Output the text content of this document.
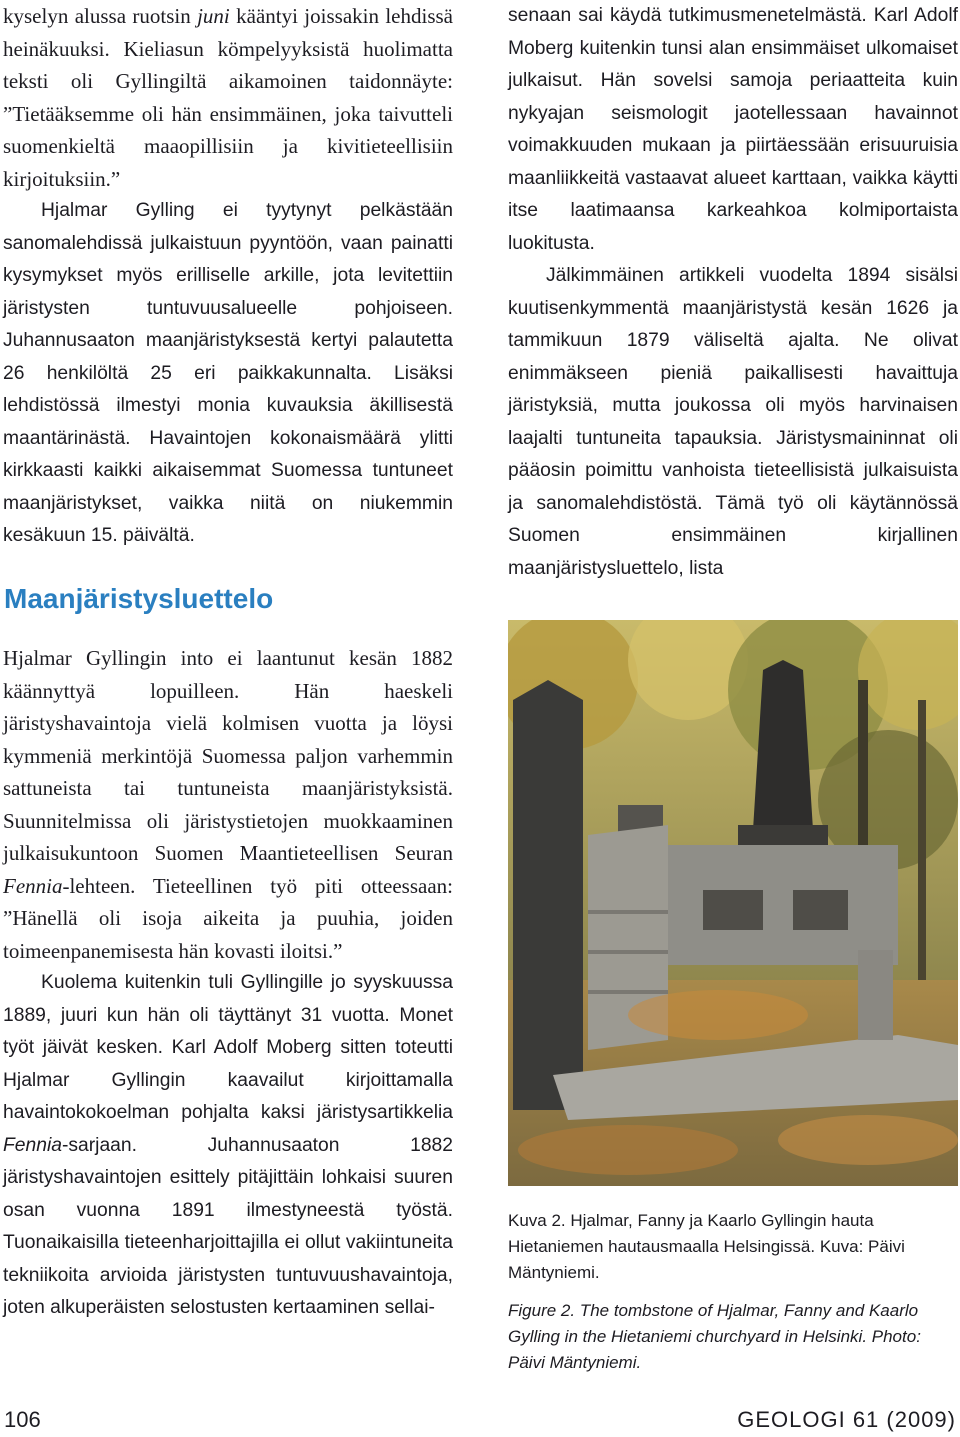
kyselyn alussa ruotsin juni kääntyi joissakin lehdissä heinäkuuksi. Kieliasun kömpelyyksistä huolimatta teksti oli Gyllingiltä aikamoinen taidonnäyte: ”Tietääksemme oli hän ensimmäinen, joka taivutteli suomenkieltä maaopillisiin ja kivitieteellisiin kirjoituksiin.”

Hjalmar Gylling ei tyytynyt pelkästään sanomalehdissä julkaistuun pyyntöön, vaan painatti kysymykset myös erilliselle arkille, jota levitettiin järistysten tuntuvuusalueelle pohjoiseen. Juhannusaaton maanjäristyksestä kertyi palautetta 26 henkilöltä 25 eri paikkakunnalta. Lisäksi lehdistössä ilmestyi monia kuvauksia äkillisestä maantärinästä. Havaintojen kokonaismäärä ylitti kirkkaasti kaikki aikaisemmat Suomessa tuntuneet maanjäristykset, vaikka niitä on niukemmin kesäkuun 15. päivältä.

Maanjäristysluettelo

Hjalmar Gyllingin into ei laantunut kesän 1882 käännyttyä lopuilleen. Hän haeskeli järistyshavaintoja vielä kolmisen vuotta ja löysi kymmeniä merkintöjä Suomessa paljon varhemmin sattuneista tai tuntuneista maanjäristyksistä. Suunnitelmissa oli järistystietojen muokkaaminen julkaisukuntoon Suomen Maantieteellisen Seuran Fennia-lehteen. Tieteellinen työ piti otteessaan: ”Hänellä oli isoja aikeita ja puuhia, joiden toimeenpanemisesta hän kovasti iloitsi.”

Kuolema kuitenkin tuli Gyllingille jo syyskuussa 1889, juuri kun hän oli täyttänyt 31 vuotta. Monet työt jäivät kesken. Karl Adolf Moberg sitten toteutti Hjalmar Gyllingin kaavailut kirjoittamalla havaintokokoelman pohjalta kaksi järistysartikkelia Fennia-sarjaan. Juhannusaaton 1882 järistyshavaintojen esittely pitäjittäin lohkaisi suuren osan vuonna 1891 ilmestyneestä työstä. Tuonaikaisilla tieteenharjoittajilla ei ollut vakiintuneita tekniikoita arvioida järistysten tuntuvuushavaintoja, joten alkuperäisten selostusten kertaaminen sellai-

senaan sai käydä tutkimusmenetelmästä. Karl Adolf Moberg kuitenkin tunsi alan ensimmäiset ulkomaiset julkaisut. Hän sovelsi samoja periaatteita kuin nykyajan seismologit jaotellessaan havainnot voimakkuuden mukaan ja piirtäessään erisuuruisia maanliikkeitä vastaavat alueet karttaan, vaikka käytti itse laatimaansa karkeahkoa kolmiportaista luokitusta.

Jälkimmäinen artikkeli vuodelta 1894 sisälsi kuutisenkymmentä maanjäristystä kesän 1626 ja tammikuun 1879 väliseltä ajalta. Ne olivat enimmäkseen pieniä paikallisesti havaittuja järistyksiä, mutta joukossa oli myös harvinaisen laajalti tuntuneita tapauksia. Järistysmaininnat oli pääosin poimittu vanhoista tieteellisistä julkaisuista ja sanomalehdistöstä. Tämä työ oli käytännössä Suomen ensimmäinen kirjallinen maanjäristysluettelo, lista

Kuva 2. Hjalmar, Fanny ja Kaarlo Gyllingin hauta Hietaniemen hautausmaalla Helsingissä. Kuva: Päivi Mäntyniemi.

Figure 2. The tombstone of Hjalmar, Fanny and Kaarlo Gylling in the Hietaniemi churchyard in Helsinki. Photo: Päivi Mäntyniemi.

106	GEOLOGI 61 (2009)
